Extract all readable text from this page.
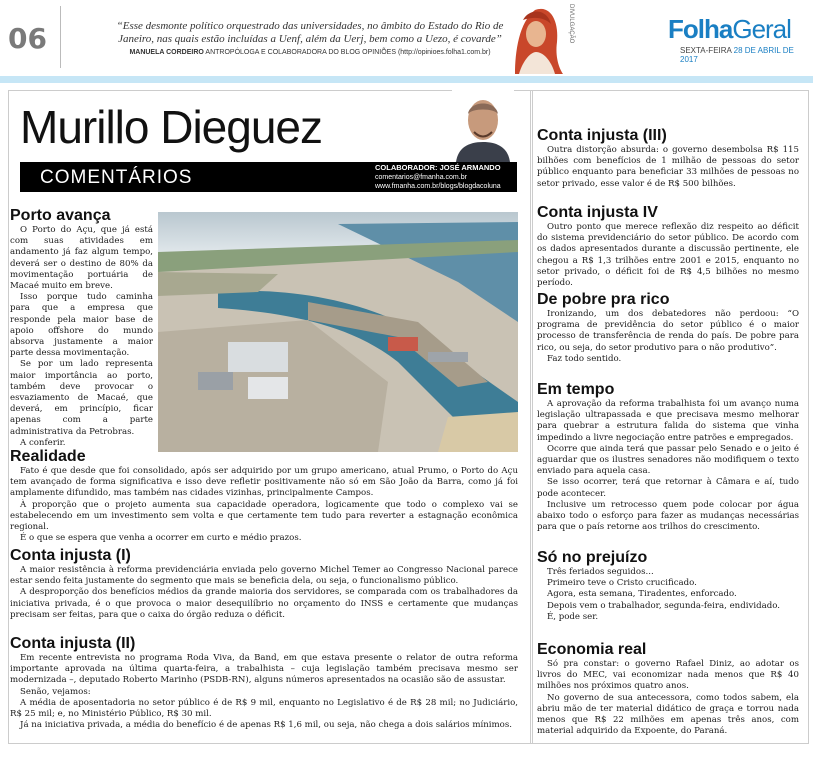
06	“Esse desmonte político orquestrado das universidades, no âmbito do Estado do Rio de Janeiro, nas quais estão incluídas a Uenf, além da Uerj, bem como a Uezo, é covarde”
MANUELA CORDEIRO ANTROPÓLOGA E COLABORADORA DO BLOG OPINIÕES (http://opinioes.folha1.com.br)
DIVULGAÇÃO	FolhaGeral
SEXTA-FEIRA 28 DE ABRIL DE 2017
Murillo Dieguez
COMENTÁRIOS	COLABORADOR: JOSÉ ARMANDO
comentarios@fmanha.com.br
www.fmanha.com.br/blogs/blogdacoluna
Porto avança

O Porto do Açu, que já está com suas atividades em andamento já faz algum tempo, deverá ser o destino de 80% da movimentação portuária de Macaé muito em breve.

Isso porque tudo caminha para que a empresa que responde pela maior base de apoio offshore do mundo absorva justamente a maior parte dessa movimentação.

Se por um lado representa maior importância ao porto, também deve provocar o esvaziamento de Macaé, que deverá, em princípio, ficar apenas com a parte administrativa da Petrobras.

A conferir.

Realidade

Fato é que desde que foi consolidado, após ser adquirido por um grupo americano, atual Prumo, o Porto do Açu tem avançado de forma significativa e isso deve refletir positivamente não só em São João da Barra, como já foi amplamente difundido, mas também nas cidades vizinhas, principalmente Campos.

À proporção que o projeto aumenta sua capacidade operadora, logicamente que todo o complexo vai se estabelecendo em um investimento sem volta e que certamente tem tudo para reverter a estagnação econômica regional.

É o que se espera que venha a ocorrer em curto e médio prazos.

Conta injusta (I)

A maior resistência à reforma previdenciária enviada pelo governo Michel Temer ao Congresso Nacional parece estar sendo feita justamente do segmento que mais se beneficia dela, ou seja, o funcionalismo público.

A desproporção dos benefícios médios da grande maioria dos servidores, se comparada com os trabalhadores da iniciativa privada, é o que provoca o maior desequilíbrio no orçamento do INSS e certamente que mudanças precisam ser feitas, para que o caixa do órgão reduza o déficit.

Conta injusta (II)

Em recente entrevista no programa Roda Viva, da Band, em que estava presente o relator de outra reforma importante aprovada na última quarta-feira, a trabalhista – cuja legislação também precisava mesmo ser modernizada –, deputado Roberto Marinho (PSDB-RN), alguns números apresentados na ocasião são de assustar.

Senão, vejamos:

A média de aposentadoria no setor público é de R$ 9 mil, enquanto no Legislativo é de R$ 28 mil; no Judiciário, R$ 25 mil; e, no Ministério Público, R$ 30 mil.

Já na iniciativa privada, a média do benefício é de apenas R$ 1,6 mil, ou seja, não chega a dois salários mínimos.

Conta injusta (III)

Outra distorção absurda: o governo desembolsa R$ 115 bilhões com benefícios de 1 milhão de pessoas do setor público enquanto para beneficiar 33 milhões de pessoas no setor privado, esse valor é de R$ 500 bilhões.

Conta injusta IV

Outro ponto que merece reflexão diz respeito ao déficit do sistema previdenciário do setor público. De acordo com os dados apresentados durante a discussão pertinente, ele chegou a R$ 1,3 trilhões entre 2001 e 2015, enquanto no setor privado, o déficit foi de R$ 4,5 bilhões no mesmo período.

De pobre pra rico

Ironizando, um dos debatedores não perdoou: “O programa de previdência do setor público é o maior processo de transferência de renda do país. De pobre para rico, ou seja, do setor produtivo para o não produtivo”.

Faz todo sentido.

Em tempo

A aprovação da reforma trabalhista foi um avanço numa legislação ultrapassada e que precisava mesmo melhorar para quebrar a estrutura falida do sistema que vinha impedindo a livre negociação entre patrões e empregados.

Ocorre que ainda terá que passar pelo Senado e o jeito é aguardar que os ilustres senadores não modifiquem o texto enviado para aquela casa.

Se isso ocorrer, terá que retornar à Câmara e aí, tudo pode acontecer.

Inclusive um retrocesso quem pode colocar por água abaixo todo o esforço para fazer as mudanças necessárias para que o país retorne aos trilhos do crescimento.

Só no prejuízo

Três feriados seguidos...

Primeiro teve o Cristo crucificado.

Agora, esta semana, Tiradentes, enforcado.

Depois vem o trabalhador, segunda-feira, endividado.

É, pode ser.

Economia real

Só pra constar: o governo Rafael Diniz, ao adotar os livros do MEC, vai economizar nada menos que R$ 40 milhões nos próximos quatro anos.

No governo de sua antecessora, como todos sabem, ela abriu mão de ter material didático de graça e torrou nada menos que R$ 22 milhões em apenas três anos, com material adquirido da Expoente, do Paraná.
